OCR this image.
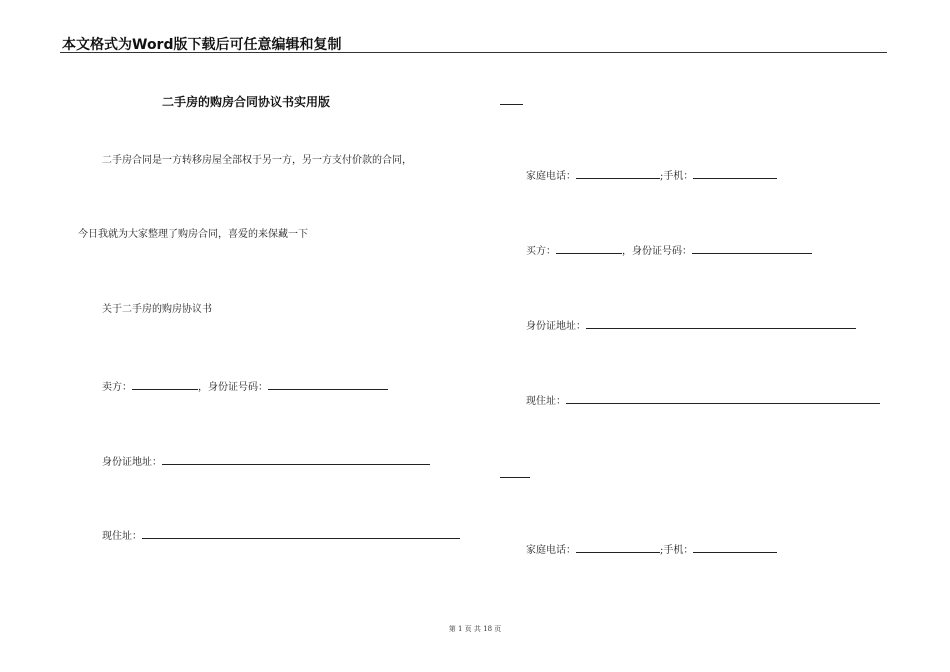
本文格式为Word版下载后可任意编辑和复制
二手房的购房合同协议书实用版
二手房合同是一方转移房屋全部权于另一方，另一方支付价款的合同，
今日我就为大家整理了购房合同，喜爱的来保藏一下
关于二手房的购房协议书
卖方：	，身份证号码：
身份证地址：
现住址：
家庭电话：	;手机：
买方：	，身份证号码：
身份证地址：
现住址：
家庭电话：	;手机：
第 1 页 共 18 页
